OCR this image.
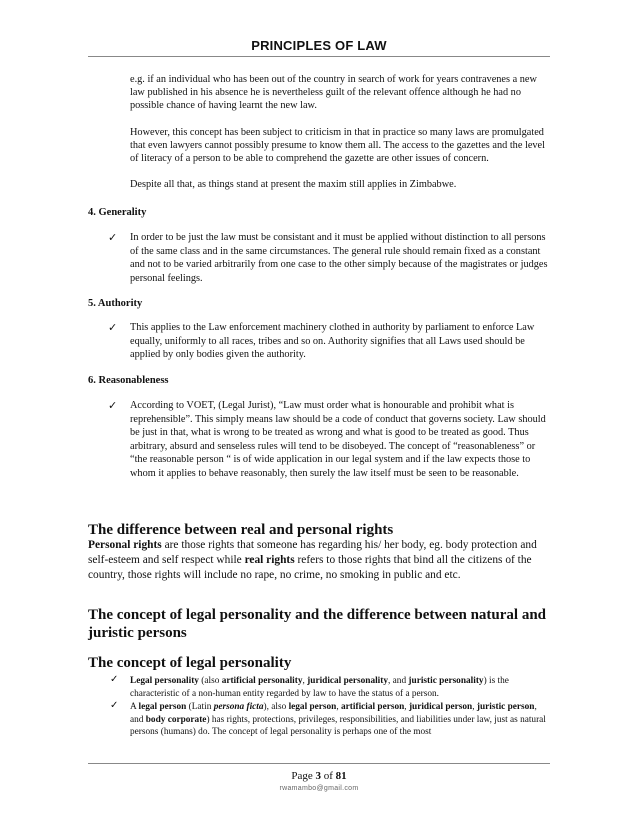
PRINCIPLES OF LAW

e.g. if an individual who has been out of the country in search of work for years contravenes a new law published in his absence he is nevertheless guilt of the relevant offence although he had no possible chance of having learnt the new law.

However, this concept has been subject to criticism in that in practice so many laws are promulgated that even lawyers cannot possibly presume to know them all. The access to the gazettes and the level of literacy of a person to be able to comprehend the gazette are other issues of concern.

Despite all that, as things stand at present the maxim still applies in Zimbabwe.

4. Generality

✓ In order to be just the law must be consistant and it must be applied without distinction to all persons of the same class and in the same circumstances. The general rule should remain fixed as a constant and not to be varied arbitrarily from one case to the other simply because of the magistrates or judges personal feelings.

5. Authority

✓ This applies to the Law enforcement machinery clothed in authority by parliament to enforce Law equally, uniformly to all races, tribes and so on. Authority signifies that all Laws used should be applied by only bodies given the authority.

6. Reasonableness

✓ According to VOET, (Legal Jurist), “Law must order what is honourable and prohibit what is reprehensible”. This simply means law should be a code of conduct that governs society. Law should be just in that, what is wrong to be treated as wrong and what is good to be treated as good. Thus arbitrary, absurd and senseless rules will tend to be disobeyed. The concept of “reasonableness” or “the reasonable person “ is of wide application in our legal system and if the law expects those to whom it applies to behave reasonably, then surely the law itself must be seen to be reasonable.

The difference between real and personal rights

Personal rights are those rights that someone has regarding his/ her body, eg. body protection and self-esteem and self respect while real rights refers to those rights that bind all the citizens of the country, those rights will include no rape, no crime, no smoking in public and etc.

The concept of legal personality and the difference between natural and juristic persons

The concept of legal personality

✓ Legal personality (also artificial personality, juridical personality, and juristic personality) is the characteristic of a non-human entity regarded by law to have the status of a person.

✓ A legal person (Latin persona ficta), also legal person, artificial person, juridical person, juristic person, and body corporate) has rights, protections, privileges, responsibilities, and liabilities under law, just as natural persons (humans) do. The concept of legal personality is perhaps one of the most

Page 3 of 81
rwamambo@gmail.com
